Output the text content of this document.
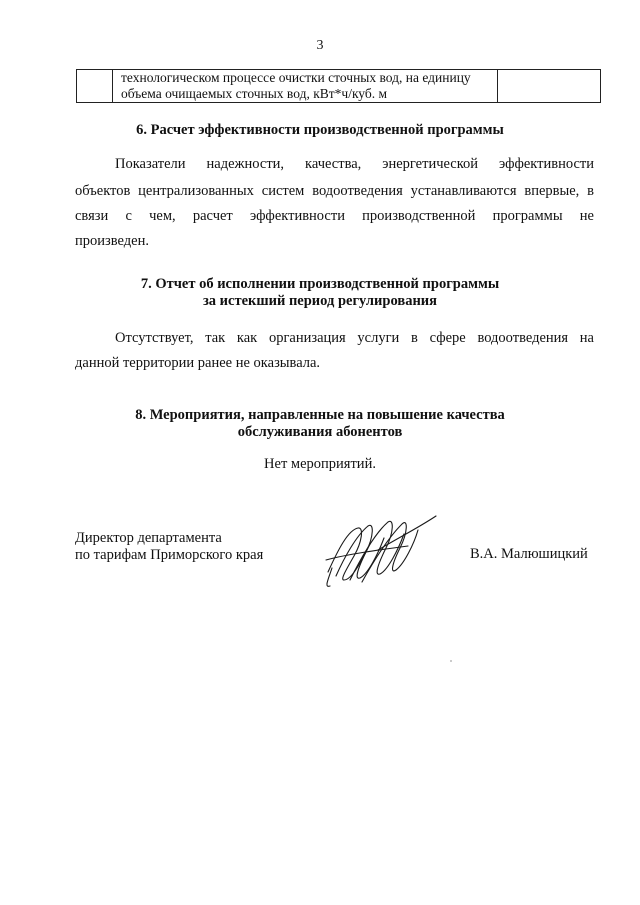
3

технологическом процессе очистки сточных вод, на единицу
объема очищаемых сточных вод, кВт*ч/куб. м

6. Расчет эффективности производственной программы
Показатели надежности, качества, энергетической эффективности
объектов централизованных систем водоотведения устанавливаются впервые, в
связи с чем, расчет эффективности производственной программы не
произведен.
7. Отчет об исполнении производственной программы
за истекший период регулирования
Отсутствует, так как организация услуги в сфере водоотведения на
данной территории ранее не оказывала.
8. Мероприятия, направленные на повышение качества
обслуживания абонентов
Нет мероприятий.
Директор департамента
по тарифам Приморского края	В.А. Малюшицкий
